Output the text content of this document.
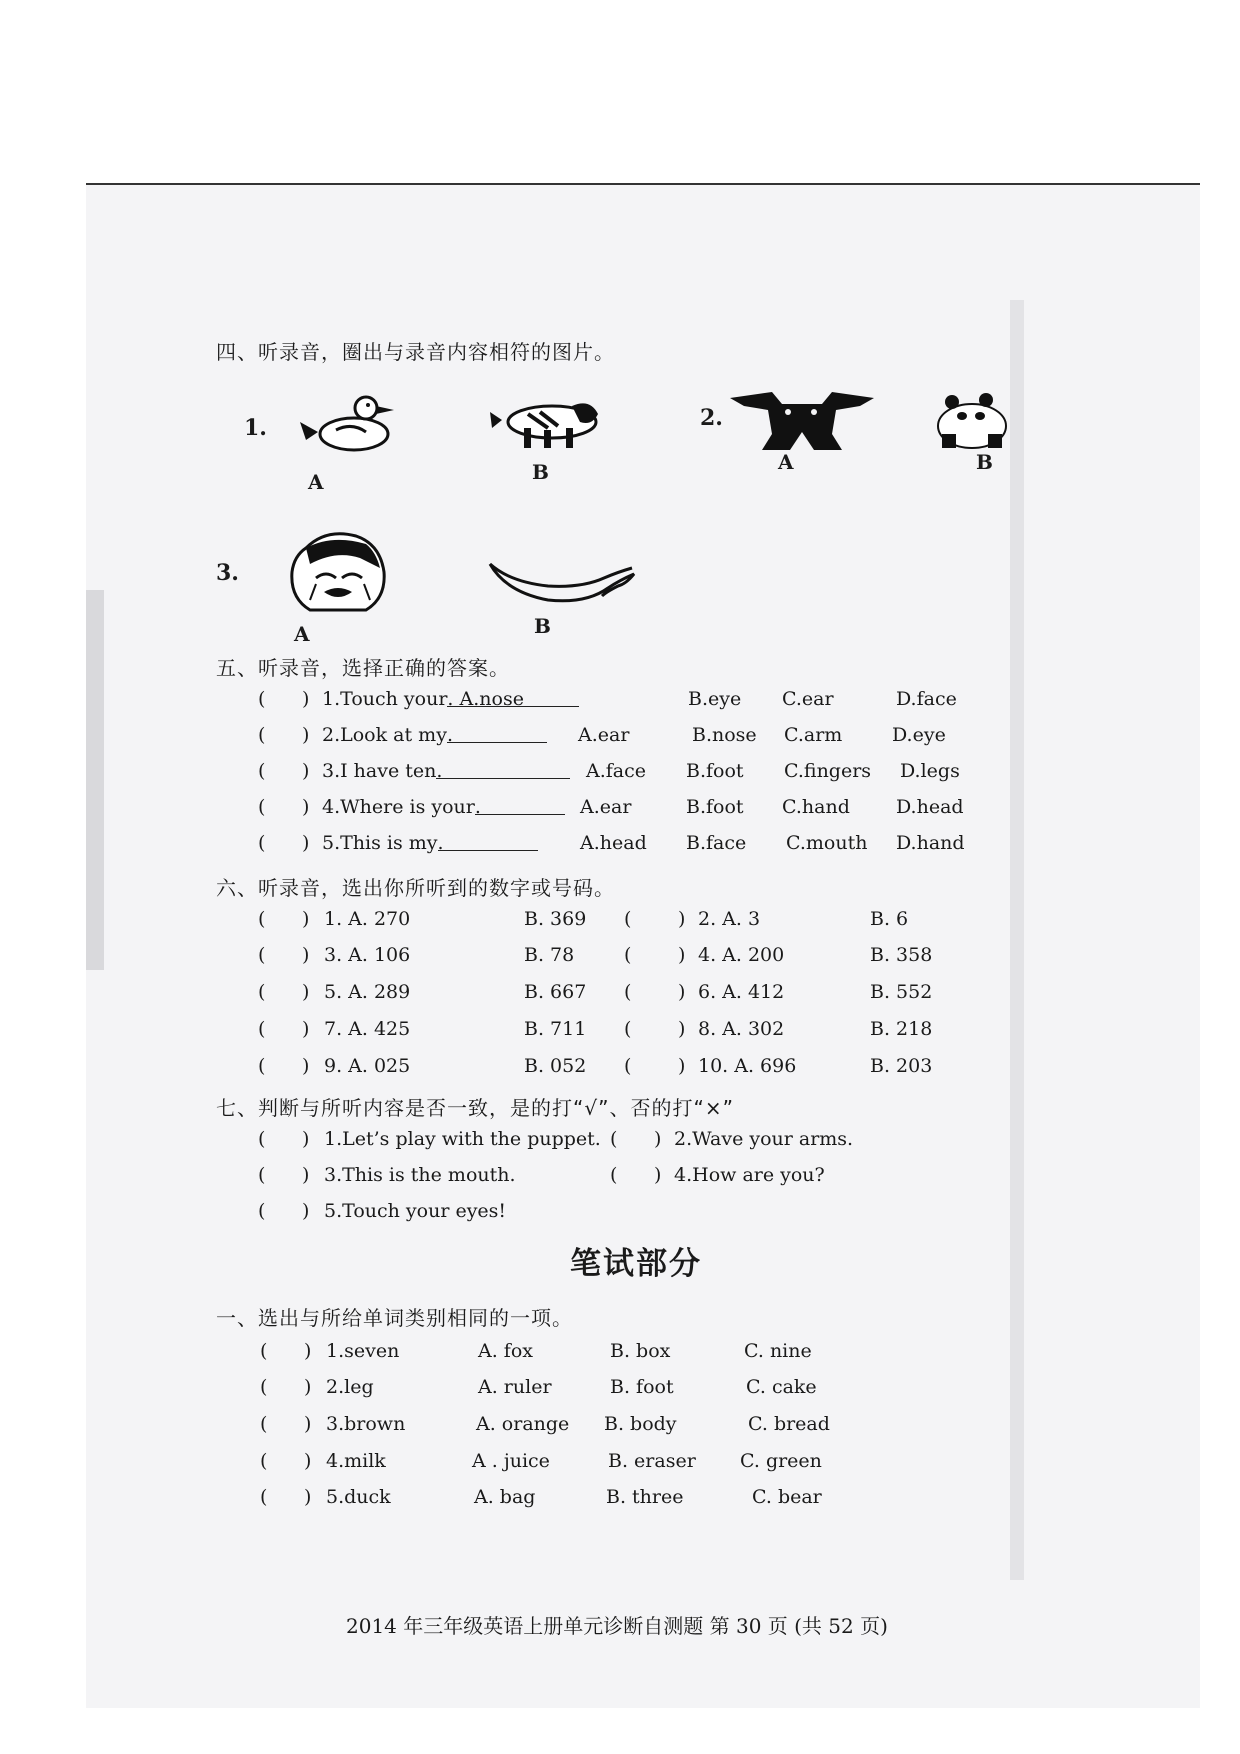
四、听录音，圈出与录音内容相符的图片。
1.
A	B
2.
A	B
3.
A	B
五、听录音，选择正确的答案。
( ) 1.Touch your
. A.nose	B.eye C.ear	D.face
( ) 2.Look at my
.	A.ear	B.nose C.arm	D.eye
( ) 3.I have ten
.	A.face B.foot C.fingers D.legs
( ) 4.Where is your
.	A.ear	B.foot C.hand D.head
( ) 5.This is my
.	A.head B.face C.mouth D.hand
六、听录音，选出你所听到的数字或号码。
( ) 1. A. 270	B. 369 ( ) 2. A. 3	B. 6
( ) 3. A. 106	B. 78	( ) 4. A. 200	B. 358
( ) 5. A. 289	B. 667 ( ) 6. A. 412	B. 552
( ) 7. A. 425	B. 711 ( ) 8. A. 302	B. 218
( ) 9. A. 025	B. 052 ( ) 10. A. 696	B. 203
七、判断与所听内容是否一致，是的打“√”、否的打“×”
( ) 1.Let’s play with the puppet. ( ) 2.Wave your arms.
( ) 3.This is the mouth.	( ) 4.How are you?
( ) 5.Touch your eyes!
笔试部分
一、选出与所给单词类别相同的一项。
( ) 1.seven	A. fox	B. box	C. nine
( ) 2.leg	A. ruler	B. foot	C. cake
( ) 3.brown	A. orange B. body	C. bread
( ) 4.milk	A . juice	B. eraser C. green
( ) 5.duck	A. bag	B. three	C. bear
2014 年三年级英语上册单元诊断自测题 第 30 页 (共 52 页)
